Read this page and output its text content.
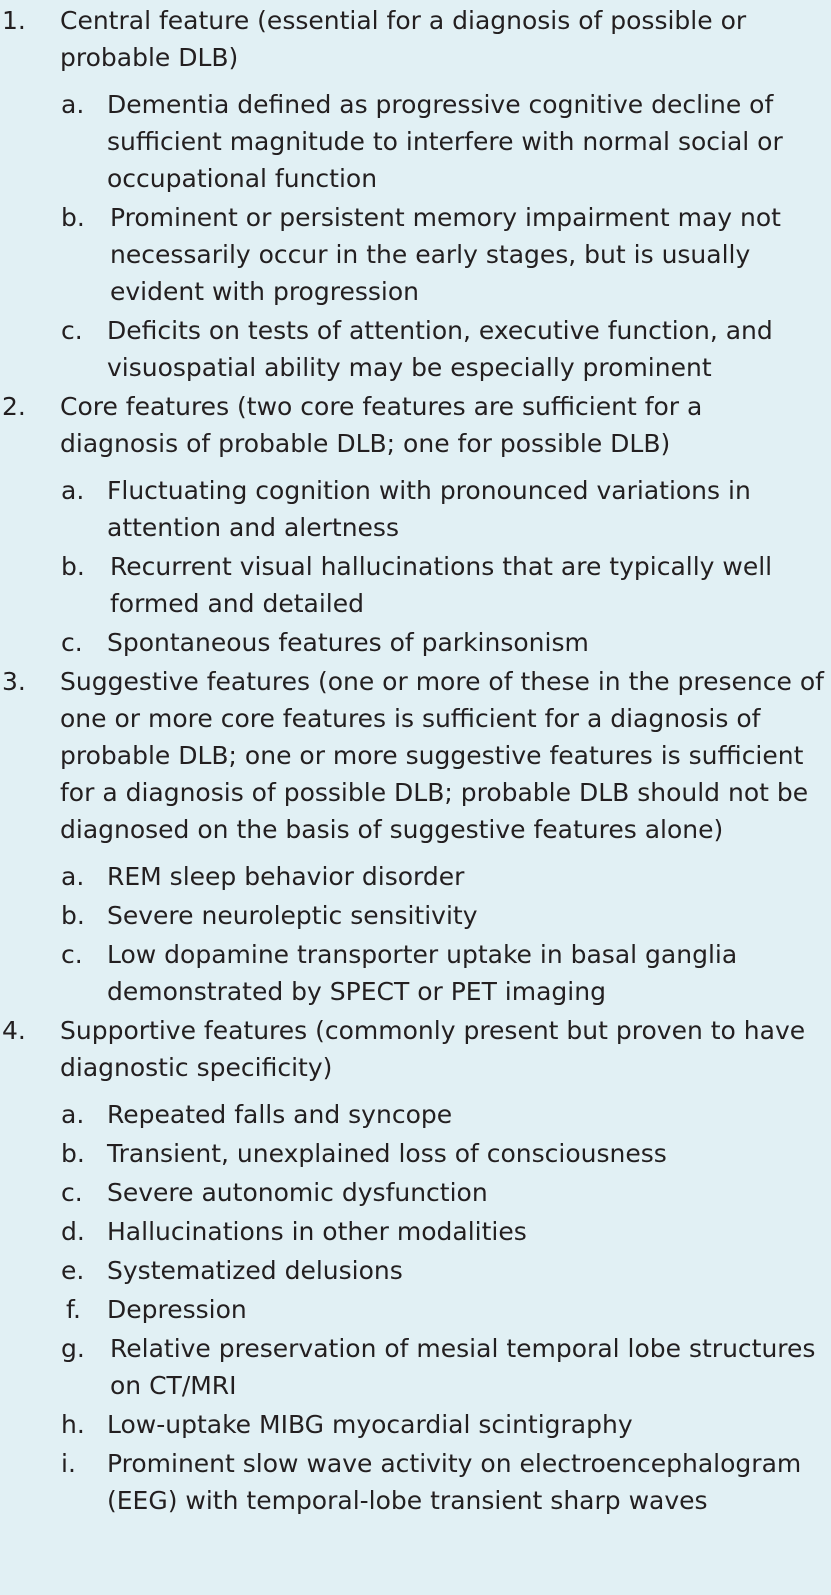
1. Central feature (essential for a diagnosis of possible or probable DLB)
a. Dementia defined as progressive cognitive decline of sufficient magnitude to interfere with normal social or occupational function
b. Prominent or persistent memory impairment may not necessarily occur in the early stages, but is usually evident with progression
c. Deficits on tests of attention, executive function, and visuospatial ability may be especially prominent
2. Core features (two core features are sufficient for a diagnosis of probable DLB; one for possible DLB)
a. Fluctuating cognition with pronounced variations in attention and alertness
b. Recurrent visual hallucinations that are typically well formed and detailed
c. Spontaneous features of parkinsonism
3. Suggestive features (one or more of these in the presence of one or more core features is sufficient for a diagnosis of probable DLB; one or more suggestive features is sufficient for a diagnosis of possible DLB; probable DLB should not be diagnosed on the basis of suggestive features alone)
a. REM sleep behavior disorder
b. Severe neuroleptic sensitivity
c. Low dopamine transporter uptake in basal ganglia demonstrated by SPECT or PET imaging
4. Supportive features (commonly present but proven to have diagnostic specificity)
a. Repeated falls and syncope
b. Transient, unexplained loss of consciousness
c. Severe autonomic dysfunction
d. Hallucinations in other modalities
e. Systematized delusions
f. Depression
g. Relative preservation of mesial temporal lobe structures on CT/MRI
h. Low-uptake MIBG myocardial scintigraphy
i. Prominent slow wave activity on electroencephalogram (EEG) with temporal-lobe transient sharp waves
